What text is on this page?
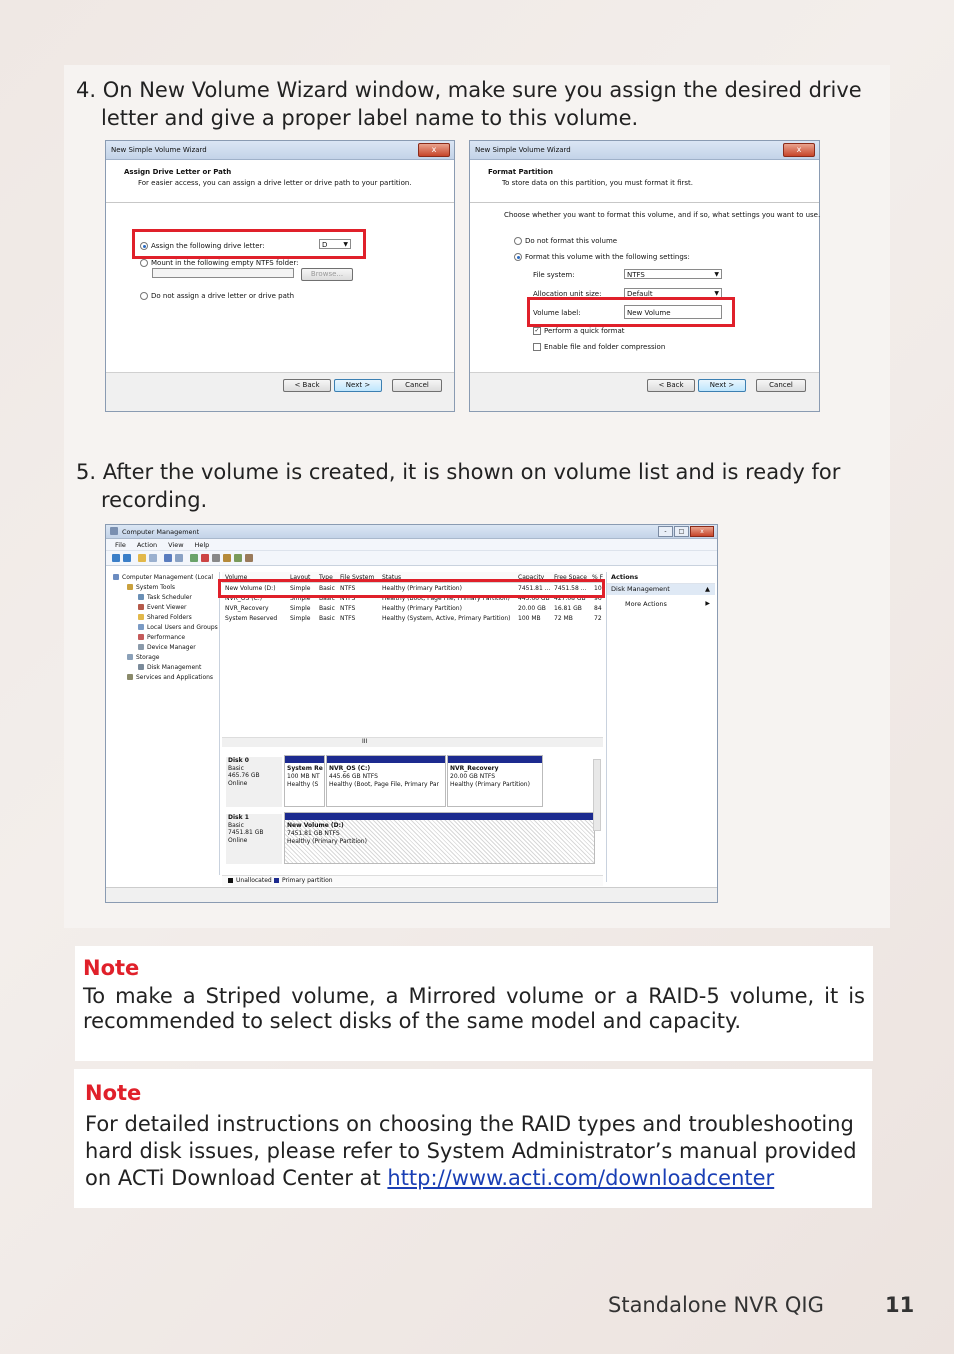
4. On New Volume Wizard window, make sure you assign the desired drive
letter and give a proper label name to this volume.
New Simple Volume Wizard	x
Assign Drive Letter or Path
For easier access, you can assign a drive letter or drive path to your partition.
Assign the following drive letter:	D	▼
Mount in the following empty NTFS folder:
Browse...
Do not assign a drive letter or drive path
< Back	Next >	Cancel
New Simple Volume Wizard	x
Format Partition
To store data on this partition, you must format it first.
Choose whether you want to format this volume, and if so, what settings you want to use.
Do not format this volume
Format this volume with the following settings:
File system:	NTFS	▼
Allocation unit size:	Default	▼
Volume label:	New Volume
✓ Perform a quick format
Enable file and folder compression
< Back	Next >	Cancel
5. After the volume is created, it is shown on volume list and is ready for
recording.
Computer Management	- □	x
File Action View Help
Computer Management (Local
System Tools
Task Scheduler
Event Viewer
Shared Folders
Local Users and Groups
Performance
Device Manager
Storage
Disk Management
Services and Applications
Volume	Layout Type File System Status	Capacity Free Space % F
New Volume (D:) Simple Basic NTFS	Healthy (Primary Partition)	7451.81 ... 7451.58 ... 100
NVR_OS (C:)	Simple Basic NTFS	Healthy (Boot, Page File, Primary Partition)	445.66 GB 427.08 GB 96
NVR_Recovery	Simple Basic NTFS	Healthy (Primary Partition)	20.00 GB 16.81 GB 84
System Reserved Simple Basic NTFS	Healthy (System, Active, Primary Partition)	100 MB 72 MB	72
III
Disk 0
Basic
465.76 GB
Online
System Re
100 MB NT
Healthy (S
NVR_OS (C:)
445.66 GB NTFS
Healthy (Boot, Page File, Primary Par
NVR_Recovery
20.00 GB NTFS
Healthy (Primary Partition)
Disk 1
Basic
7451.81 GB
Online
New Volume (D:)
7451.81 GB NTFS
Healthy (Primary Partition)
Unallocated Primary partition
Actions
Disk Management	▲
More Actions	▶
Note
To make a Striped volume, a Mirrored volume or a RAID-5 volume, it is recommended to select disks of the same model and capacity.
Note
For detailed instructions on choosing the RAID types and troubleshooting hard disk issues, please refer to System Administrator’s manual provided on ACTi Download Center at http://www.acti.com/downloadcenter
Standalone NVR QIG	11
